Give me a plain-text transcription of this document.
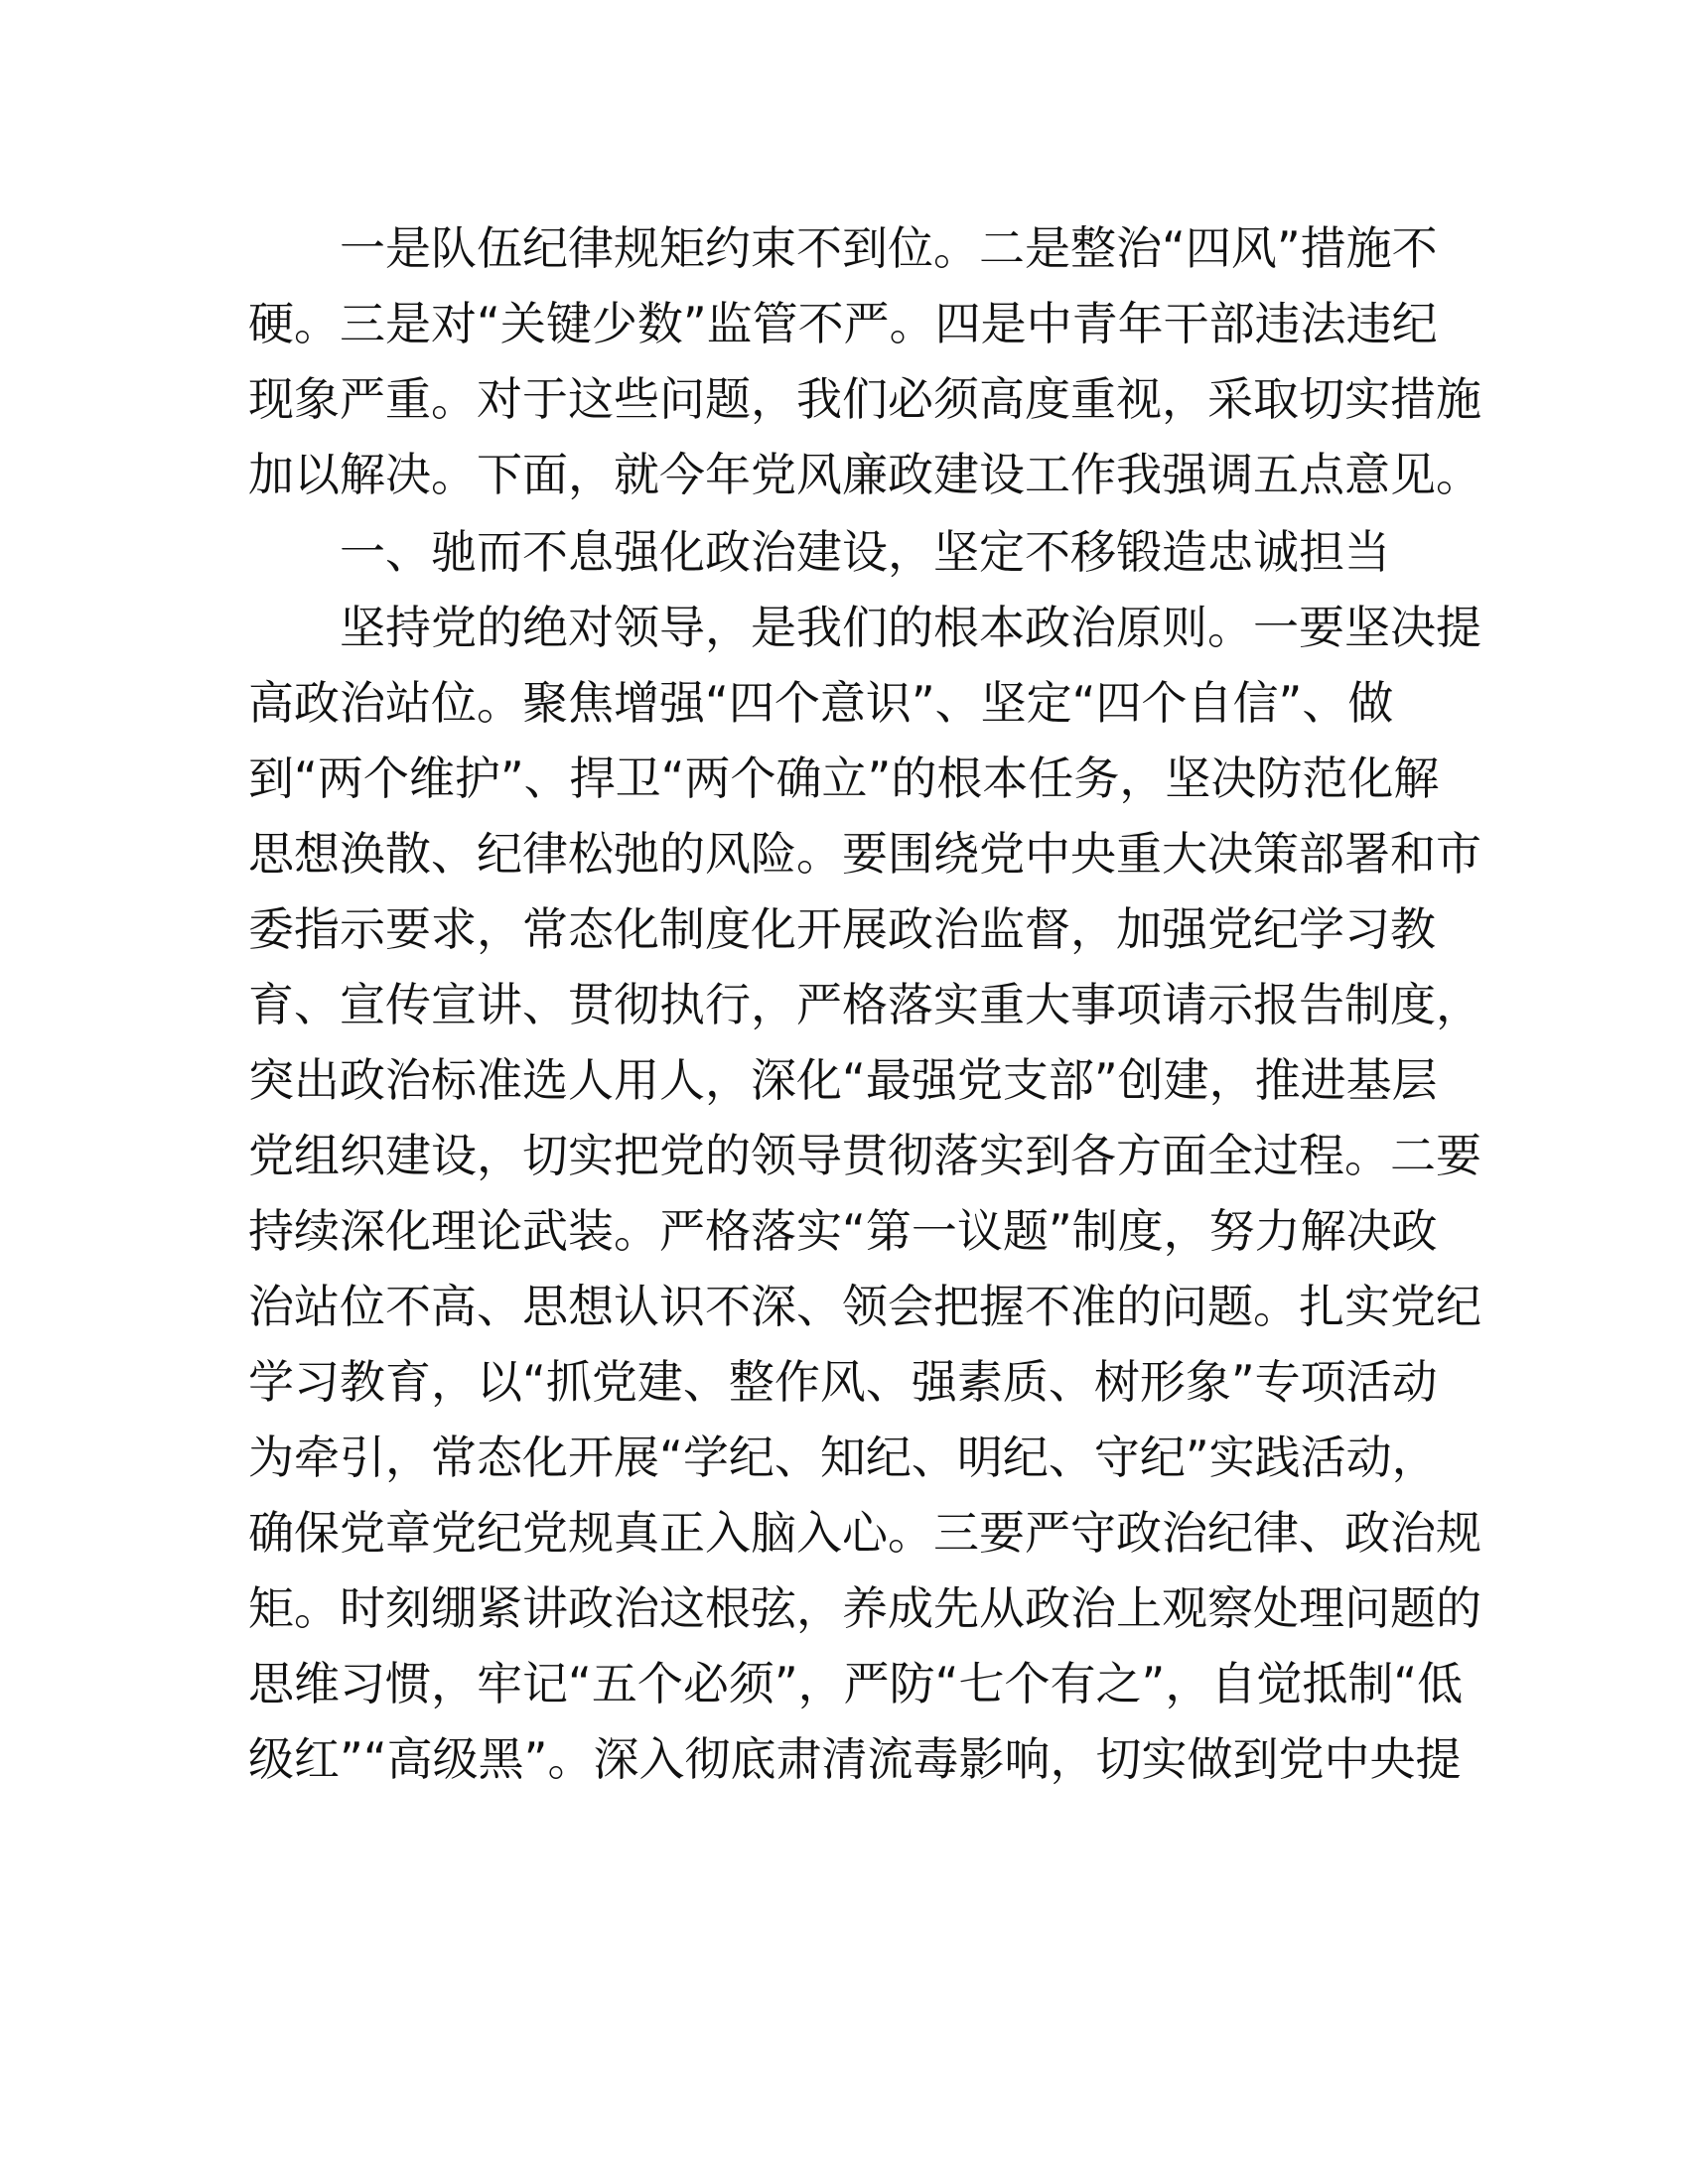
一是队伍纪律规矩约束不到位。二是整治“四风”措施不
硬。三是对“关键少数”监管不严。四是中青年干部违法违纪
现象严重。对于这些问题，我们必须高度重视，采取切实措施
加以解决。下面，就今年党风廉政建设工作我强调五点意见。
一、驰而不息强化政治建设，坚定不移锻造忠诚担当
坚持党的绝对领导，是我们的根本政治原则。一要坚决提
高政治站位。聚焦增强“四个意识”、坚定“四个自信”、做
到“两个维护”、捍卫“两个确立”的根本任务，坚决防范化解
思想涣散、纪律松弛的风险。要围绕党中央重大决策部署和市
委指示要求，常态化制度化开展政治监督，加强党纪学习教
育、宣传宣讲、贯彻执行，严格落实重大事项请示报告制度，
突出政治标准选人用人，深化“最强党支部”创建，推进基层
党组织建设，切实把党的领导贯彻落实到各方面全过程。二要
持续深化理论武装。严格落实“第一议题”制度，努力解决政
治站位不高、思想认识不深、领会把握不准的问题。扎实党纪
学习教育，以“抓党建、整作风、强素质、树形象”专项活动
为牵引，常态化开展“学纪、知纪、明纪、守纪”实践活动，
确保党章党纪党规真正入脑入心。三要严守政治纪律、政治规
矩。时刻绷紧讲政治这根弦，养成先从政治上观察处理问题的
思维习惯，牢记“五个必须”，严防“七个有之”，自觉抵制“低
级红”“高级黑”。深入彻底肃清流毒影响，切实做到党中央提
